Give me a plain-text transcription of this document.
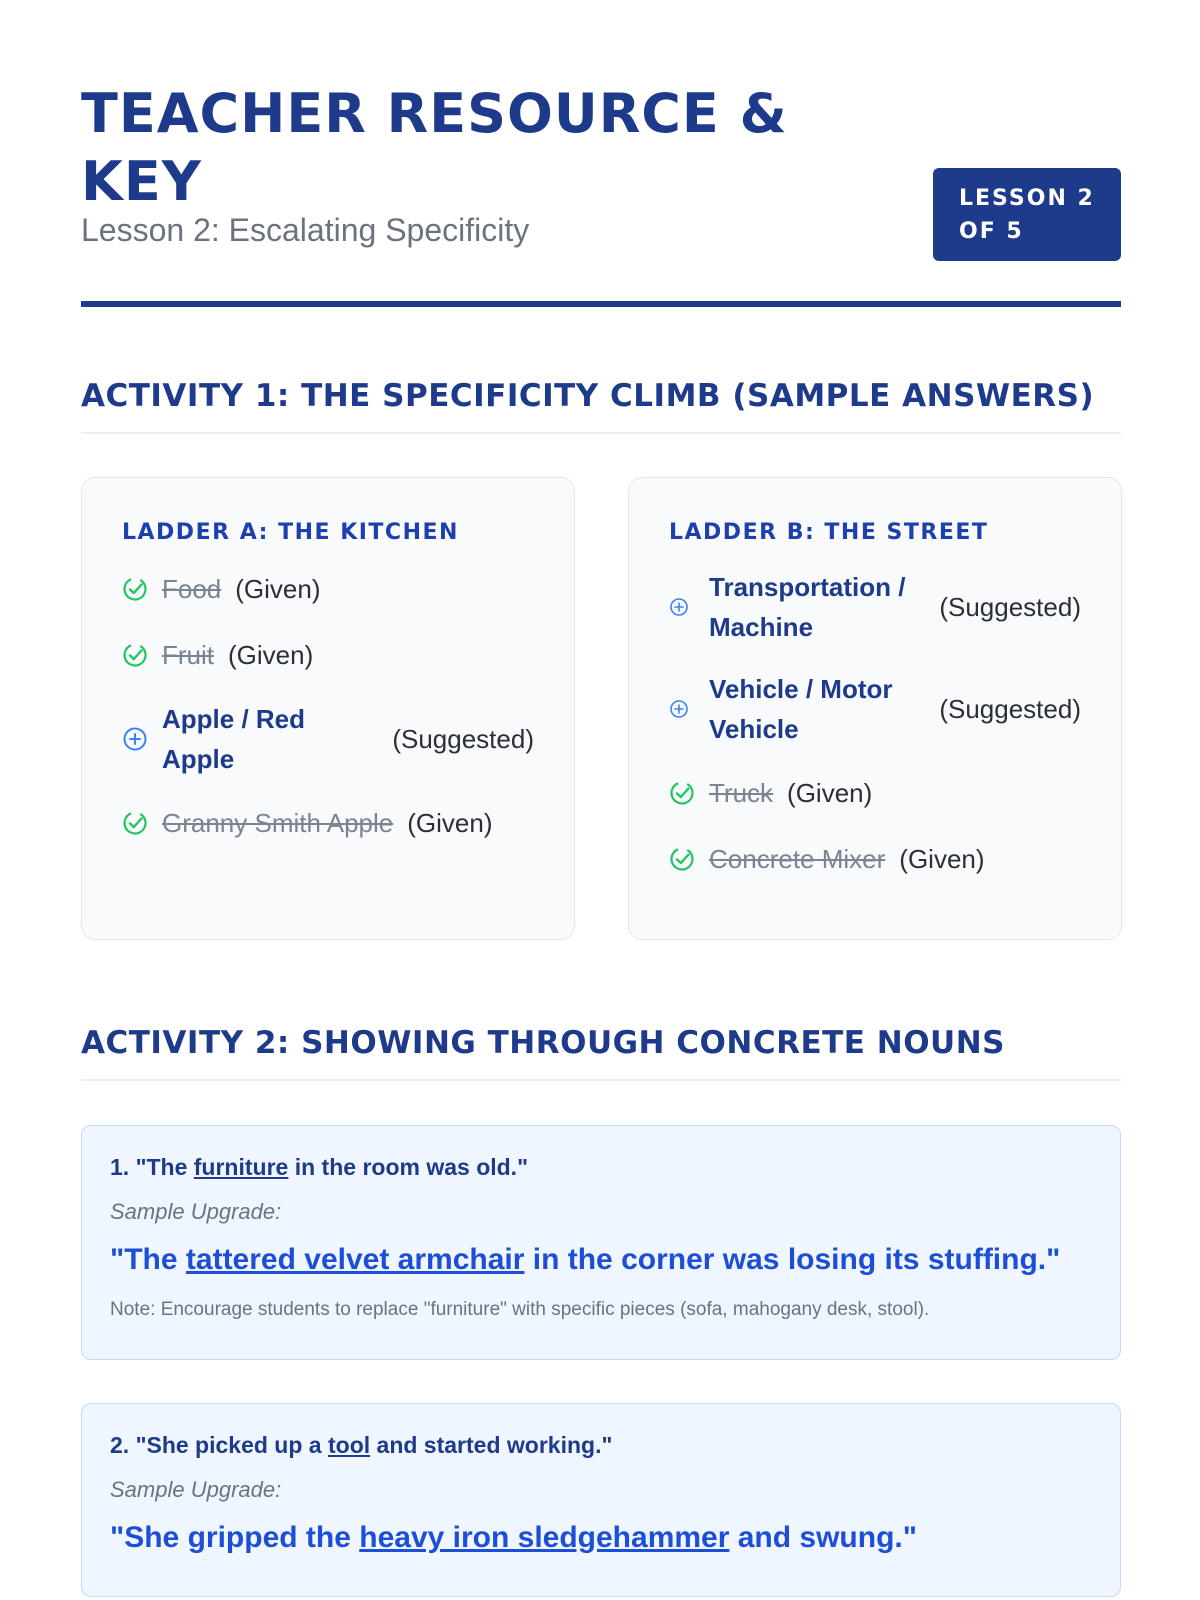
TEACHER RESOURCE & KEY
Lesson 2: Escalating Specificity
LESSON 2 OF 5
ACTIVITY 1: THE SPECIFICITY CLIMB (SAMPLE ANSWERS)
LADDER A: THE KITCHEN
Food (Given)
Fruit (Given)
Apple / Red Apple
(Suggested)
Granny Smith Apple (Given)
LADDER B: THE STREET
Transportation / Machine
(Suggested)
Vehicle / Motor Vehicle
(Suggested)
Truck (Given)
Concrete Mixer (Given)
ACTIVITY 2: SHOWING THROUGH CONCRETE NOUNS
1. "The furniture in the room was old."
Sample Upgrade:
"The tattered velvet armchair in the corner was losing its stuffing."
Note: Encourage students to replace "furniture" with specific pieces (sofa, mahogany desk, stool).
2. "She picked up a tool and started working."
Sample Upgrade:
"She gripped the heavy iron sledgehammer and swung."
